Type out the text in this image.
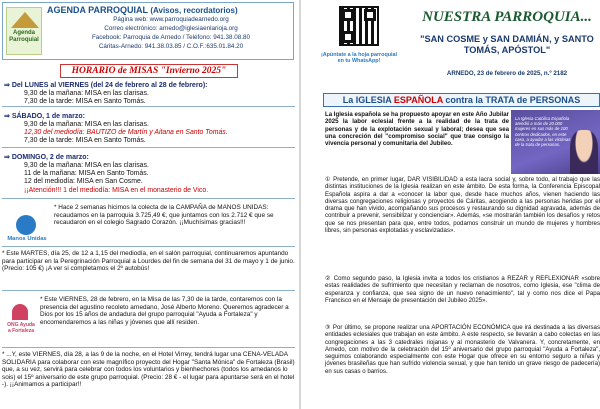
Agenda Parroquial
AGENDA PARROQUIAL (Avisos, recordatorios)
Página web: www.parroquiadearnedo.org
Correo electrónico: arnedo@iglesiaenlarioja.org
Facebook: Parroquia de Arnedo / Teléfono: 941.38.08.80
Cáritas-Arnedo: 941.38.03.85 / C.O.F.:635.01.84.20
HORARIO de MISAS "Invierno 2025"
⇒ Del LUNES al VIERNES (del 24 de febrero al 28 de febrero):
9,30 de la mañana: MISA en las clarisas.
7,30 de la tarde: MISA en Santo Tomás.
⇒ SÁBADO, 1 de marzo:
9,30 de la mañana: MISA en las clarisas.
12,30 del mediodía: BAUTIZO de Martín y Aitana en Santo Tomás.
7,30 de la tarde: MISA en Santo Tomás.
⇒ DOMINGO, 2 de marzo:
9,30 de la mañana: MISA en las clarisas.
11 de la mañana: MISA en Santo Tomás.
12 del mediodía: MISA en San Cosme.
¡¡Atención!!! 1 del mediodía: MISA en el monasterio de Vico.
Manos Unidas
* Hace 2 semanas hicimos la colecta de la CAMPAÑA de MANOS UNIDAS: recaudamos en la parroquia 3.725,49 €, que juntamos con los 2.712 € que se recaudaron en el colegio Sagrado Corazón. ¡¡Muchísimas gracias!!!
* Este MARTES, día 25, de 12 a 1,15 del mediodía, en el salón parroquial, continuaremos apuntando para participar en la Peregrinación Parroquial a Lourdes del fin de semana del 31 de mayo y 1 de junio. (Precio: 105 €) ¡A ver si completamos el 2º autobús!
ONG Ayuda a Fortaleza
* Este VIERNES, 28 de febrero, en la Misa de las 7,30 de la tarde, contaremos con la presencia del agustino recoleto arnedano, José Alberto Moreno. Queremos agradecer a Dios por los 15 años de andadura del grupo parroquial "Ayuda a Fortaleza" y encomendaremos a las niñas y jóvenes que allí residen.
* ...Y, este VIERNES, día 28, a las 9 de la noche, en el Hotel Virrey, tendrá lugar una CENA-VELADA SOLIDARIA para colaborar con este magnífico proyecto del Hogar "Santa Mónica" de Fortaleza (Brasil) que, a su vez, servirá para celebrar con todos los voluntarios y bienhechores (todos los arnedanos lo sois) el 15º aniversario de este grupo parroquial. (Precio: 28 € - el lugar para apuntarse será en el hotel -). ¡¡Animamos a participar!!
¡Apúntate a la hoja parroquial en tu WhatsApp!
NUESTRA PARROQUIA...
"SAN COSME y SAN DAMIÁN, y SANTO TOMÁS, APÓSTOL"
ARNEDO, 23 de febrero de 2025, n.º 2182
La IGLESIA ESPAÑOLA contra la TRATA de PERSONAS
La Iglesia Católica Española atendió a más de 20.000 mujeres en sus más de 100 centros dedicados, en este caso, a ayudar a las víctimas de la trata de personas.
La Iglesia española se ha propuesto apoyar en este Año Jubilar 2025 la labor eclesial frente a la realidad de la trata de personas y de la explotación sexual y laboral; desea que sea una concreción del "compromiso social" que trae consigo la vivencia personal y comunitaria del Jubileo.
① Pretende, en primer lugar, DAR VISIBILIDAD a esta lacra social y, sobre todo, al trabajo que las distintas instituciones de la Iglesia realizan en este ámbito. De esta forma, la Conferencia Episcopal Española aspira a dar a «conocer la labor que, desde hace muchos años, vienen haciendo las diversas congregaciones religiosas y proyectos de Cáritas, acogiendo a las personas heridas por el drama que han vivido, acompañando sus procesos y restaurando su dignidad agravada, además de contribuir a prevenir, sensibilizar y concienciar». Además, «se mostrarán también los desafíos y retos que se nos presentan para que, entre todos, podamos construir un mundo de mujeres y hombres libres, sin personas explotadas y esclavizadas».
② Como segundo paso, la Iglesia invita a todos los cristianos a REZAR y REFLEXIONAR «sobre estas realidades de sufrimiento que necesitan y reclaman de nosotros, como Iglesia, ese "clima de esperanza y confianza, que sea signo de un nuevo renacimiento", tal y como nos dice el Papa Francisco en el Mensaje de presentación del Jubileo 2025».
③ Por último, se propone realizar una APORTACIÓN ECONÓMICA que irá destinada a las diversas entidades eclesiales que trabajan en este ámbito. A este respecto, se llevarán a cabo colectas en las congregaciones a las 3 catedrales riojanas y al monasterio de Valvanera. Y, concretamente, en Arnedo, con motivo de la celebración del 15º aniversario del grupo parroquial "Ayuda a Fortaleza", seguimos colaborando especialmente con este Hogar que ofrece en su entorno seguro a niñas y jóvenes brasileñas que han sufrido violencia sexual, y que han tenido un grave riesgo de padecería) en sus casas o barrios.
